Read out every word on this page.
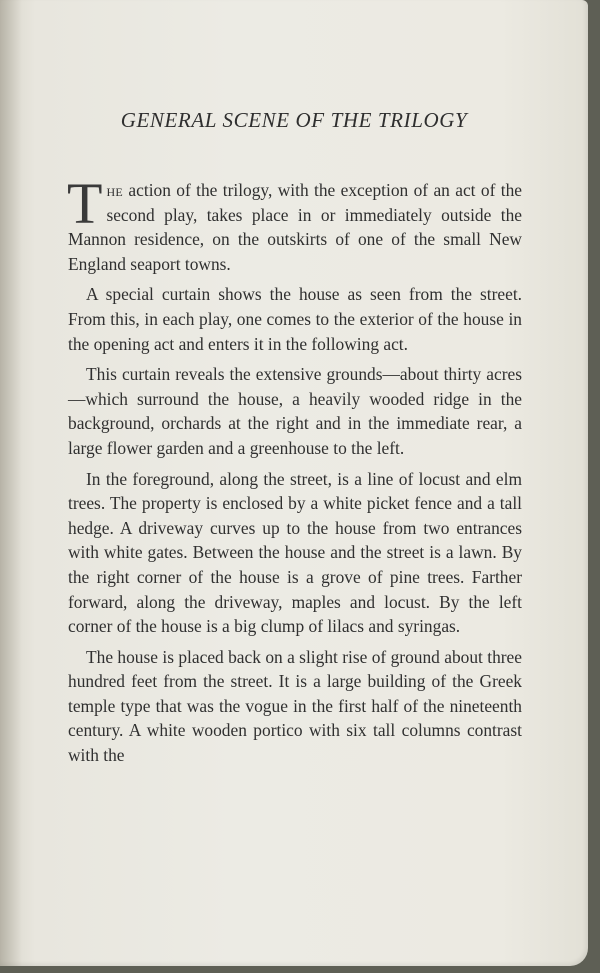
GENERAL SCENE OF THE TRILOGY

The action of the trilogy, with the exception of an act of the second play, takes place in or immediately outside the Mannon residence, on the outskirts of one of the small New England seaport towns.

A special curtain shows the house as seen from the street. From this, in each play, one comes to the exterior of the house in the opening act and enters it in the following act.

This curtain reveals the extensive grounds—about thirty acres—which surround the house, a heavily wooded ridge in the background, orchards at the right and in the immediate rear, a large flower garden and a greenhouse to the left.

In the foreground, along the street, is a line of locust and elm trees. The property is enclosed by a white picket fence and a tall hedge. A driveway curves up to the house from two entrances with white gates. Between the house and the street is a lawn. By the right corner of the house is a grove of pine trees. Farther forward, along the driveway, maples and locust. By the left corner of the house is a big clump of lilacs and syringas.

The house is placed back on a slight rise of ground about three hundred feet from the street. It is a large building of the Greek temple type that was the vogue in the first half of the nineteenth century. A white wooden portico with six tall columns contrast with the
